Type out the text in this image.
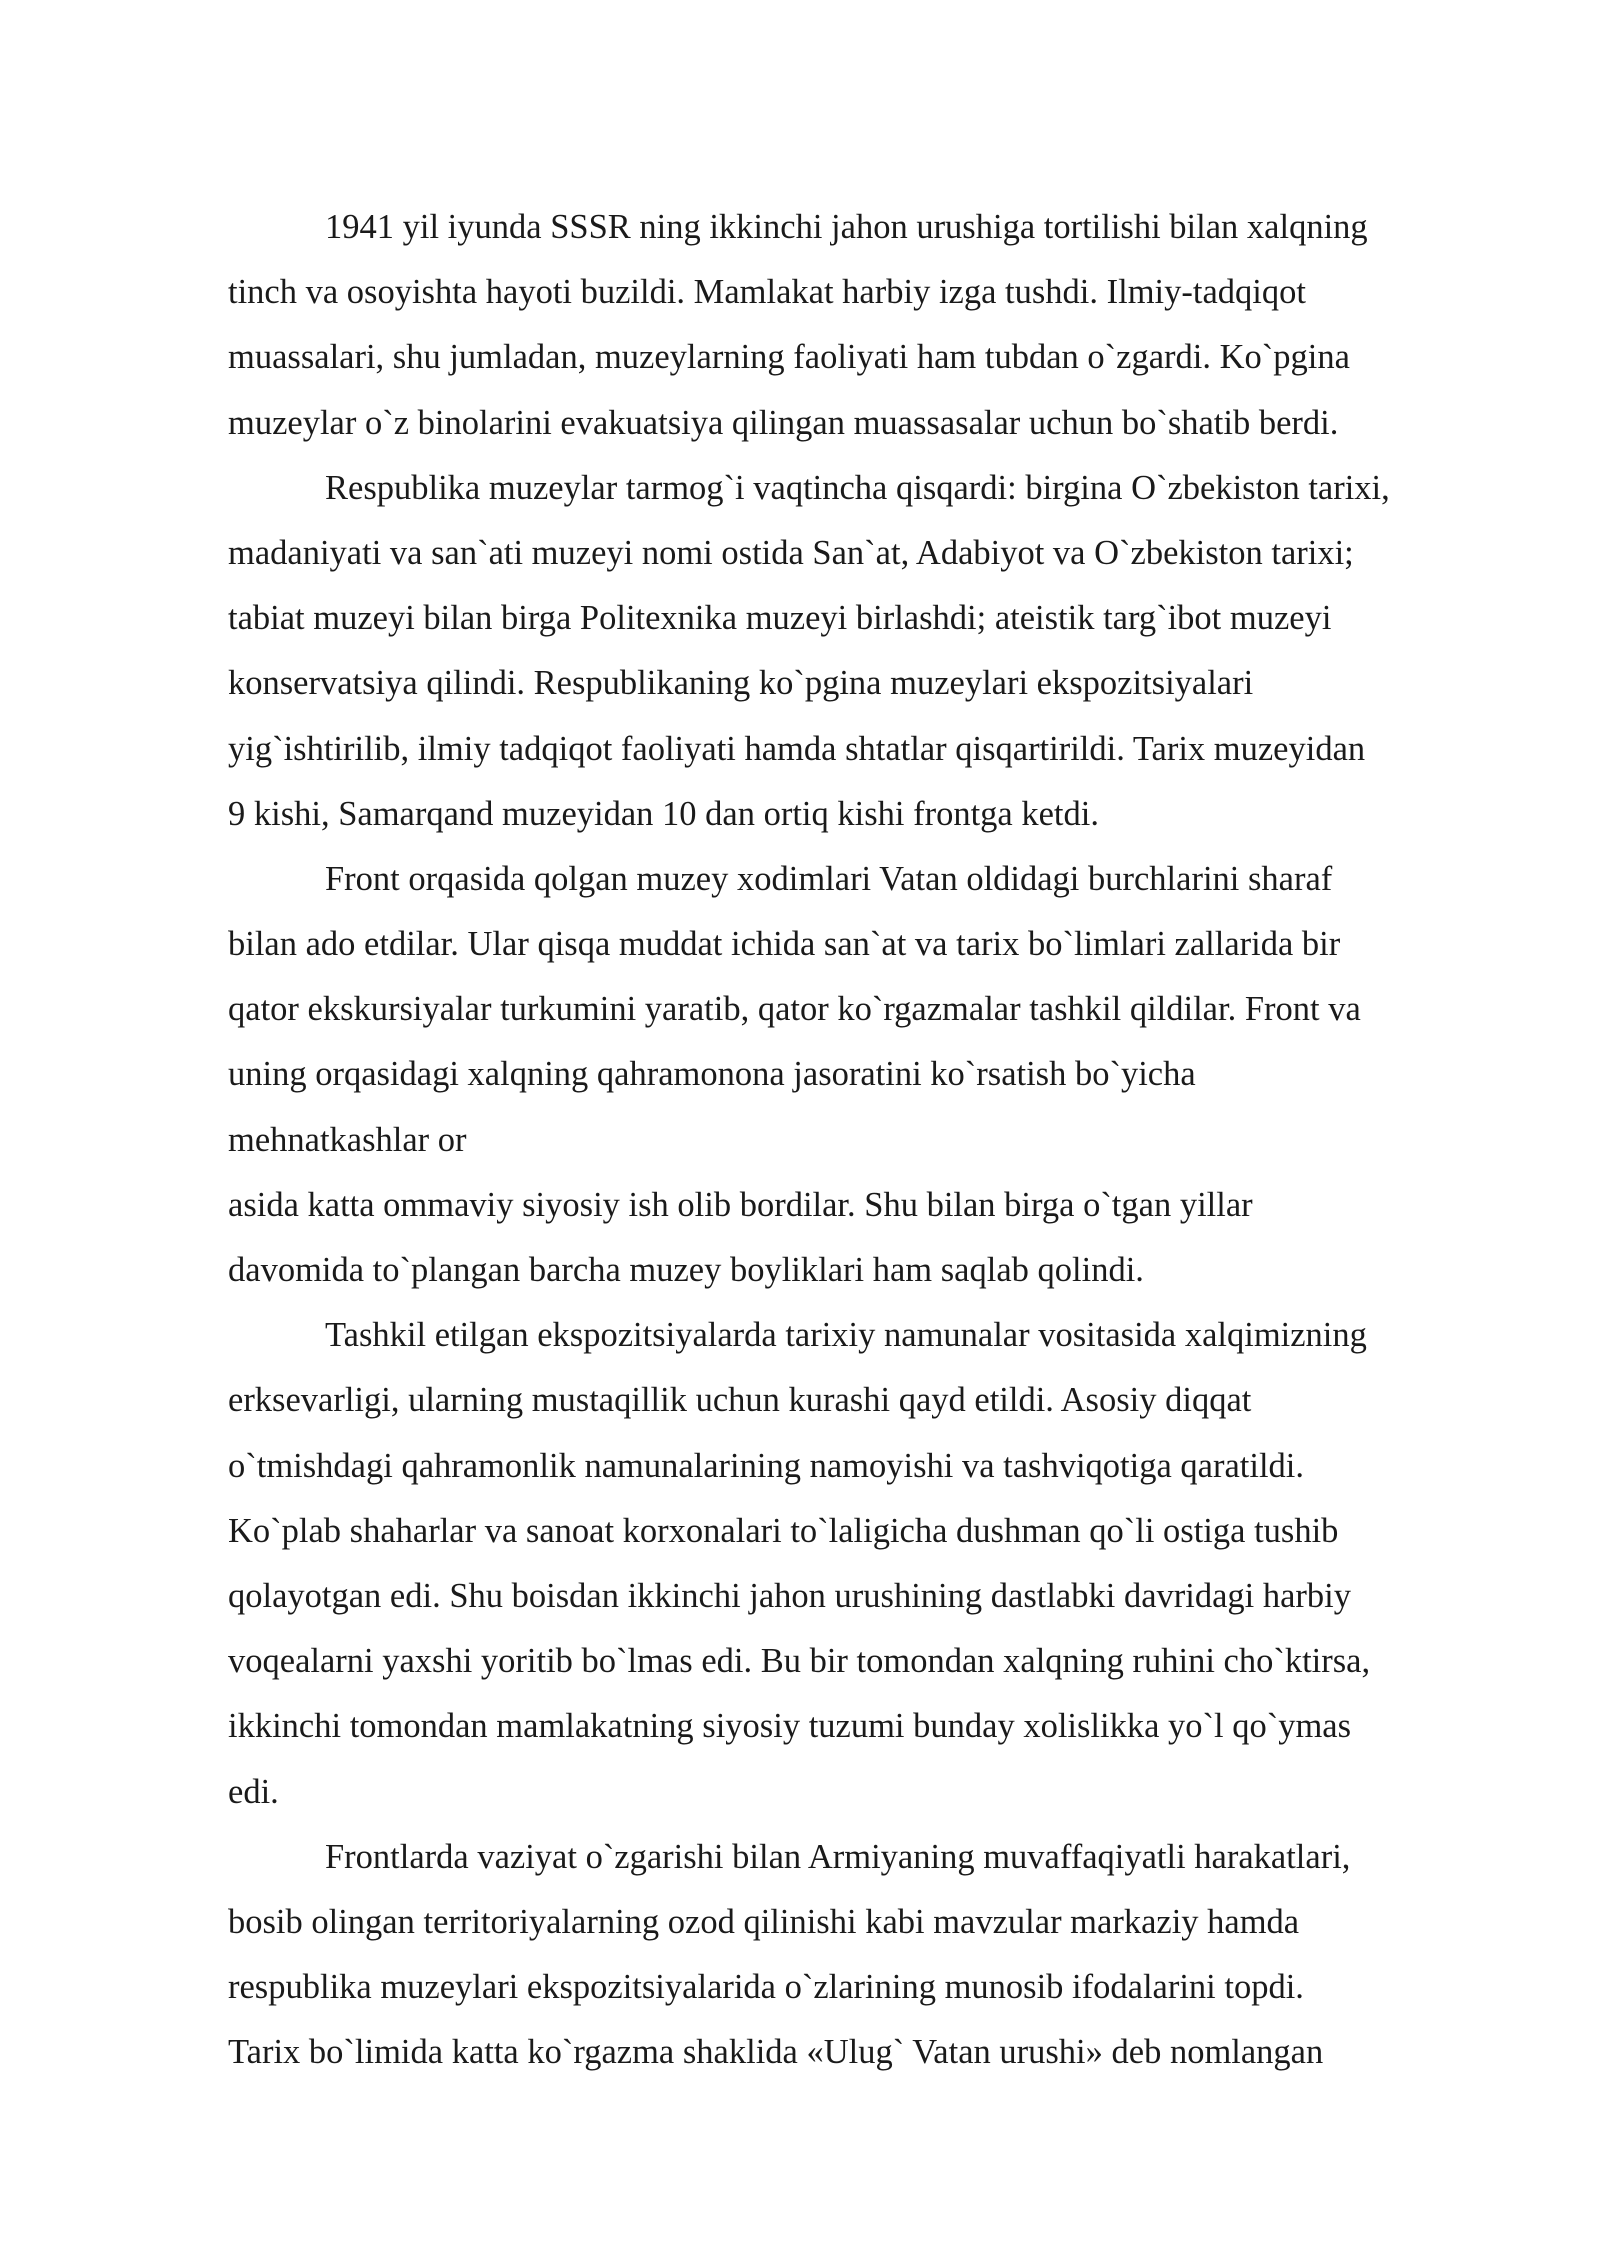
1941 yil iyunda SSSR ning ikkinchi jahon urushiga tortilishi bilan xalqning
tinch va osoyishta hayoti buzildi. Mamlakat harbiy izga tushdi. Ilmiy-tadqiqot
muassalari, shu jumladan, muzeylarning faoliyati ham tubdan o`zgardi. Ko`pgina
muzeylar o`z binolarini evakuatsiya qilingan muassasalar uchun bo`shatib berdi.
Respublika muzeylar tarmog`i vaqtincha qisqardi: birgina O`zbekiston tarixi,
madaniyati va san`ati muzeyi nomi ostida San`at, Adabiyot va O`zbekiston tarixi;
tabiat muzeyi bilan birga Politexnika muzeyi birlashdi; ateistik targ`ibot muzeyi
konservatsiya qilindi. Respublikaning ko`pgina muzeylari ekspozitsiyalari
yig`ishtirilib, ilmiy tadqiqot faoliyati hamda shtatlar qisqartirildi. Tarix muzeyidan
9 kishi, Samarqand muzeyidan 10 dan ortiq kishi frontga ketdi.
Front orqasida qolgan muzey xodimlari Vatan oldidagi burchlarini sharaf
bilan ado etdilar. Ular qisqa muddat ichida san`at va tarix bo`limlari zallarida bir
qator ekskursiyalar turkumini yaratib, qator ko`rgazmalar tashkil qildilar. Front va
uning orqasidagi xalqning qahramonona jasoratini ko`rsatish bo`yicha
mehnatkashlar or
asida katta ommaviy siyosiy ish olib bordilar. Shu bilan birga o`tgan yillar
davomida to`plangan barcha muzey boyliklari ham saqlab qolindi.
Tashkil etilgan ekspozitsiyalarda tarixiy namunalar vositasida xalqimizning
erksevarligi, ularning mustaqillik uchun kurashi qayd etildi. Asosiy diqqat
o`tmishdagi qahramonlik namunalarining namoyishi va tashviqotiga qaratildi.
Ko`plab shaharlar va sanoat korxonalari to`laligicha dushman qo`li ostiga tushib
qolayotgan edi. Shu boisdan ikkinchi jahon urushining dastlabki davridagi harbiy
voqealarni yaxshi yoritib bo`lmas edi. Bu bir tomondan xalqning ruhini cho`ktirsa,
ikkinchi tomondan mamlakatning siyosiy tuzumi bunday xolislikka yo`l qo`ymas
edi.
Frontlarda vaziyat o`zgarishi bilan Armiyaning muvaffaqiyatli harakatlari,
bosib olingan territoriyalarning ozod qilinishi kabi mavzular markaziy hamda
respublika muzeylari ekspozitsiyalarida o`zlarining munosib ifodalarini topdi.
Tarix bo`limida katta ko`rgazma shaklida «Ulug` Vatan urushi» deb nomlangan
